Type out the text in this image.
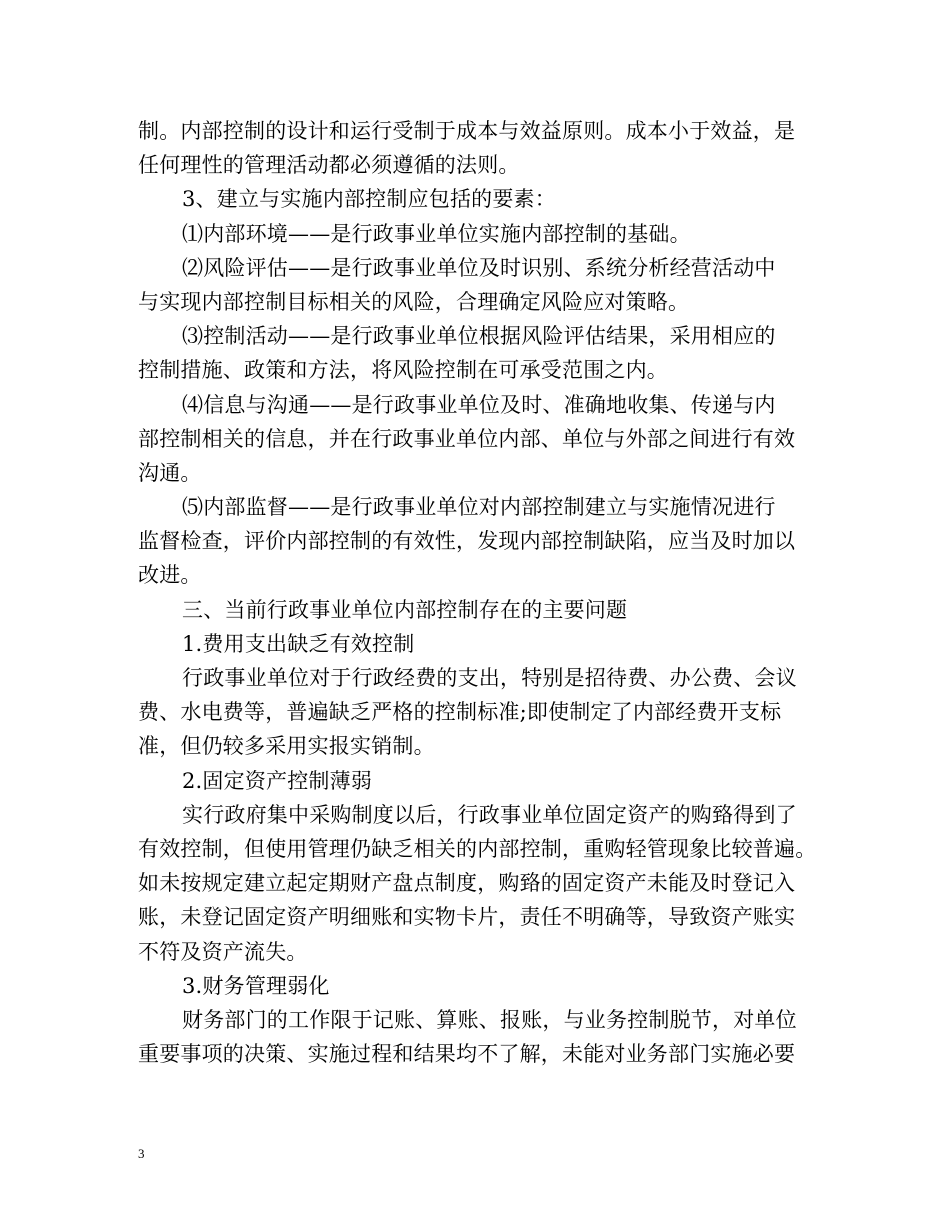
制。内部控制的设计和运行受制于成本与效益原则。成本小于效益，是
任何理性的管理活动都必须遵循的法则。
3、建立与实施内部控制应包括的要素：
⑴内部环境——是行政事业单位实施内部控制的基础。
⑵风险评估——是行政事业单位及时识别、系统分析经营活动中
与实现内部控制目标相关的风险，合理确定风险应对策略。
⑶控制活动——是行政事业单位根据风险评估结果，采用相应的
控制措施、政策和方法，将风险控制在可承受范围之内。
⑷信息与沟通——是行政事业单位及时、准确地收集、传递与内
部控制相关的信息，并在行政事业单位内部、单位与外部之间进行有效
沟通。
⑸内部监督——是行政事业单位对内部控制建立与实施情况进行
监督检查，评价内部控制的有效性，发现内部控制缺陷，应当及时加以
改进。
三、当前行政事业单位内部控制存在的主要问题
1.费用支出缺乏有效控制
行政事业单位对于行政经费的支出，特别是招待费、办公费、会议
费、水电费等，普遍缺乏严格的控制标准;即使制定了内部经费开支标
准，但仍较多采用实报实销制。
2.固定资产控制薄弱
实行政府集中采购制度以后，行政事业单位固定资产的购臵得到了
有效控制，但使用管理仍缺乏相关的内部控制，重购轻管现象比较普遍。
如未按规定建立起定期财产盘点制度，购臵的固定资产未能及时登记入
账，未登记固定资产明细账和实物卡片，责任不明确等，导致资产账实
不符及资产流失。
3.财务管理弱化
财务部门的工作限于记账、算账、报账，与业务控制脱节，对单位
重要事项的决策、实施过程和结果均不了解，未能对业务部门实施必要
3
